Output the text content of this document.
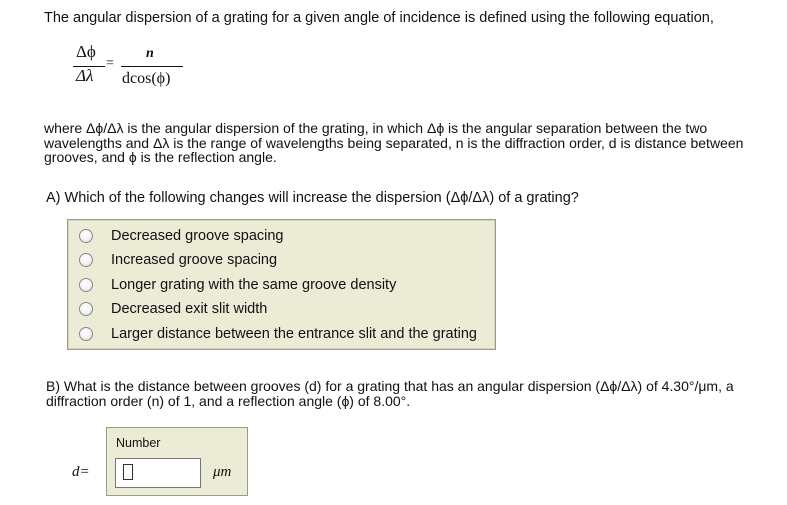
The angular dispersion of a grating for a given angle of incidence is defined using the following equation,
Δϕ
Δλ
=
n
dcos(ϕ)
where Δϕ/Δλ is the angular dispersion of the grating, in which Δϕ is the angular separation between the two wavelengths and Δλ is the range of wavelengths being separated, n is the diffraction order, d is distance between grooves, and ϕ is the reflection angle.
A) Which of the following changes will increase the dispersion (Δϕ/Δλ) of a grating?
Decreased groove spacing
Increased groove spacing
Longer grating with the same groove density
Decreased exit slit width
Larger distance between the entrance slit and the grating
B) What is the distance between grooves (d) for a grating that has an angular dispersion (Δϕ/Δλ) of 4.30°/μm, a diffraction order (n) of 1, and a reflection angle (ϕ) of 8.00°.
Number
d=	μm
